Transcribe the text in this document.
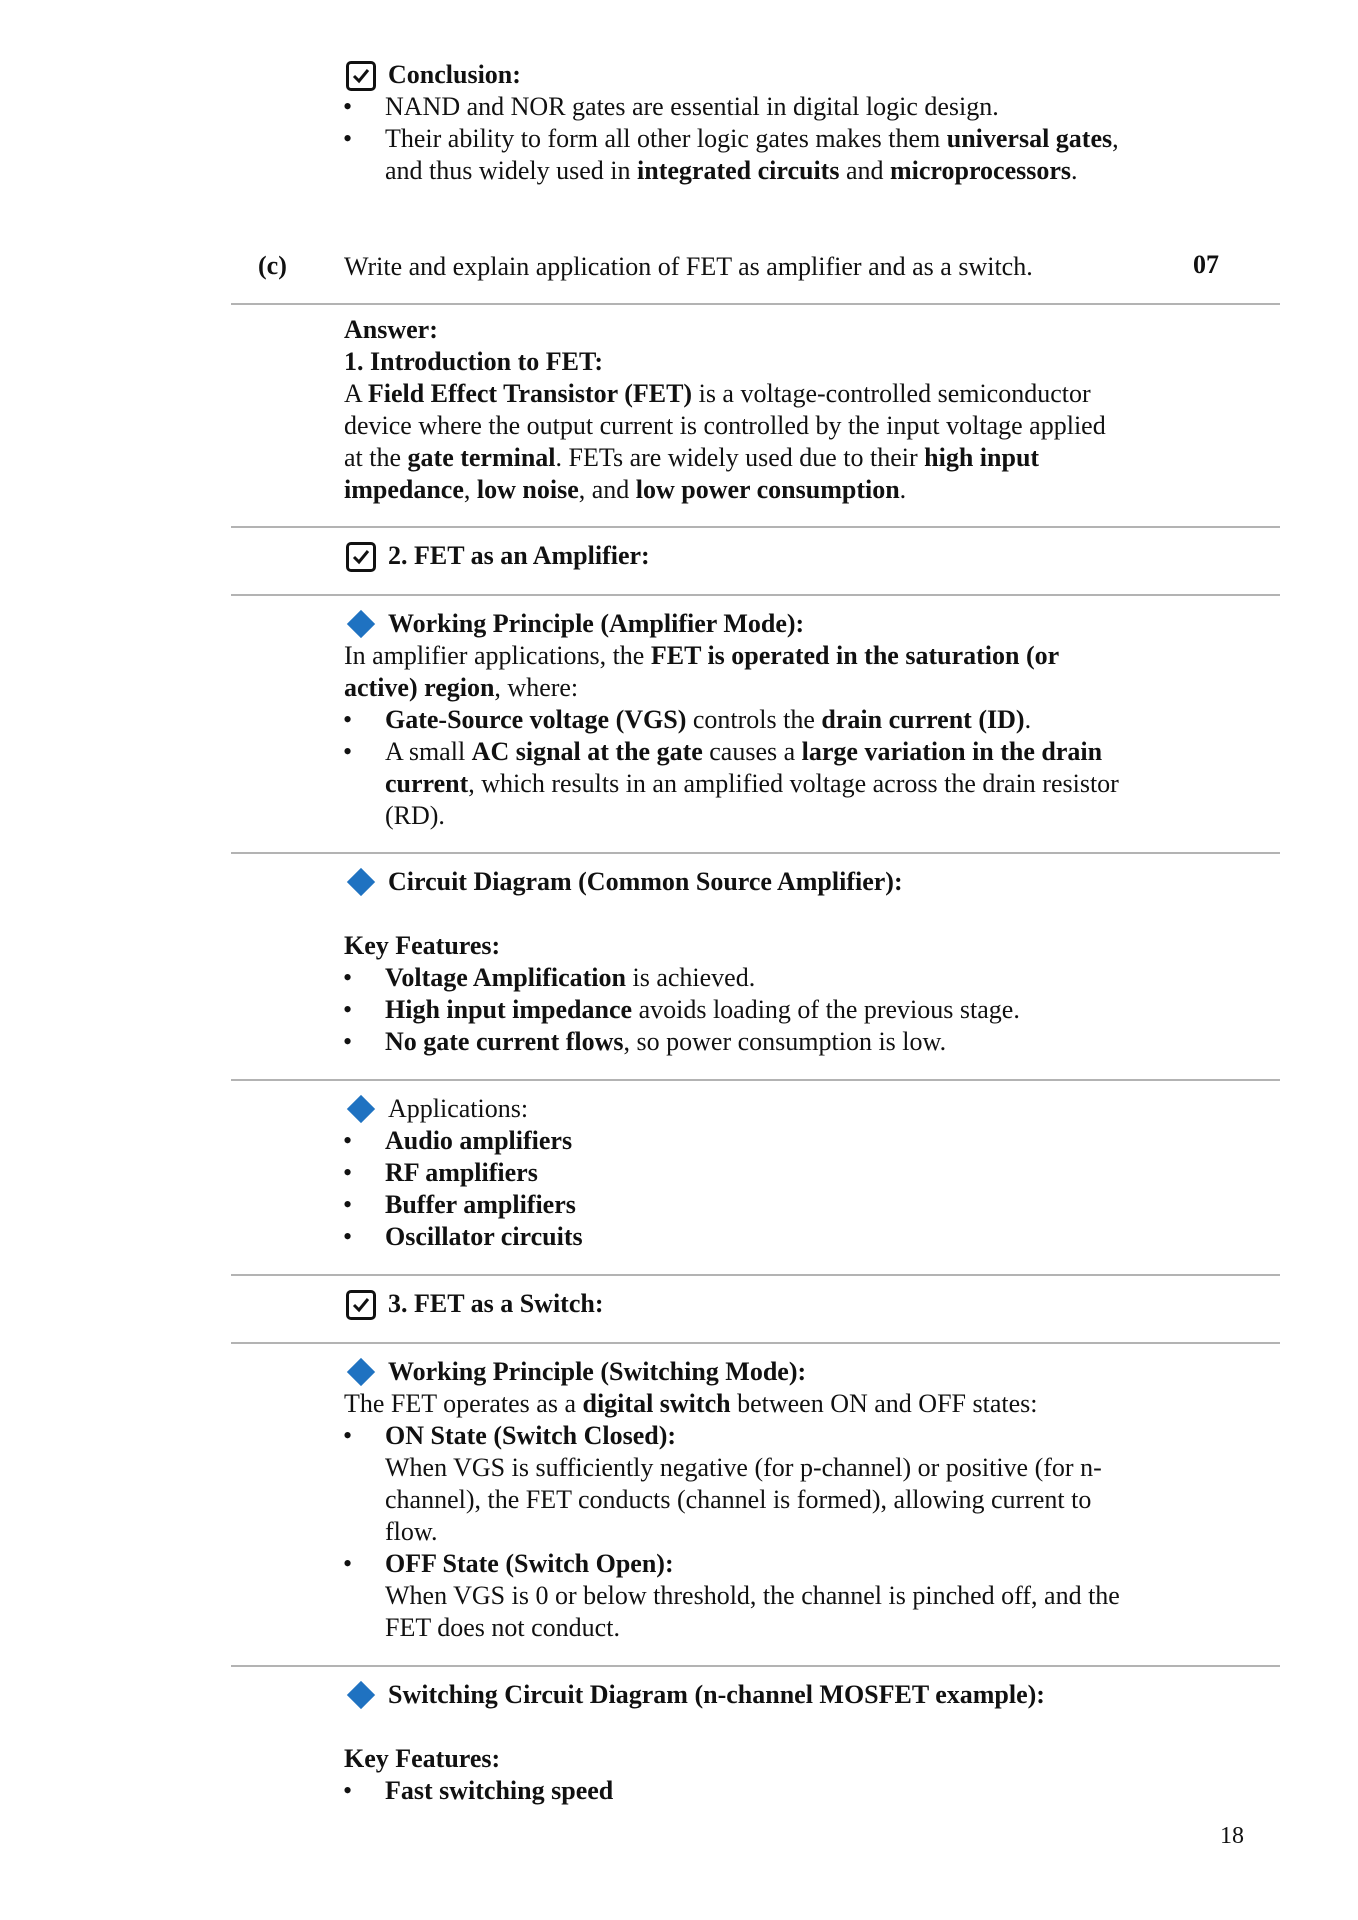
Conclusion:
• NAND and NOR gates are essential in digital logic design.
• Their ability to form all other logic gates makes them universal gates,
and thus widely used in integrated circuits and microprocessors.
(c) Write and explain application of FET as amplifier and as a switch.	07
Answer:
1. Introduction to FET:
A Field Effect Transistor (FET) is a voltage-controlled semiconductor
device where the output current is controlled by the input voltage applied
at the gate terminal. FETs are widely used due to their high input
impedance, low noise, and low power consumption.
2. FET as an Amplifier:
Working Principle (Amplifier Mode):
In amplifier applications, the FET is operated in the saturation (or
active) region, where:
• Gate-Source voltage (VGS) controls the drain current (ID).
• A small AC signal at the gate causes a large variation in the drain
current, which results in an amplified voltage across the drain resistor
(RD).
Circuit Diagram (Common Source Amplifier):
Key Features:
• Voltage Amplification is achieved.
• High input impedance avoids loading of the previous stage.
• No gate current flows, so power consumption is low.
Applications:
• Audio amplifiers
• RF amplifiers
• Buffer amplifiers
• Oscillator circuits
3. FET as a Switch:
Working Principle (Switching Mode):
The FET operates as a digital switch between ON and OFF states:
• ON State (Switch Closed):
When VGS is sufficiently negative (for p-channel) or positive (for n-
channel), the FET conducts (channel is formed), allowing current to
flow.
• OFF State (Switch Open):
When VGS is 0 or below threshold, the channel is pinched off, and the
FET does not conduct.
Switching Circuit Diagram (n-channel MOSFET example):
Key Features:
• Fast switching speed
18
